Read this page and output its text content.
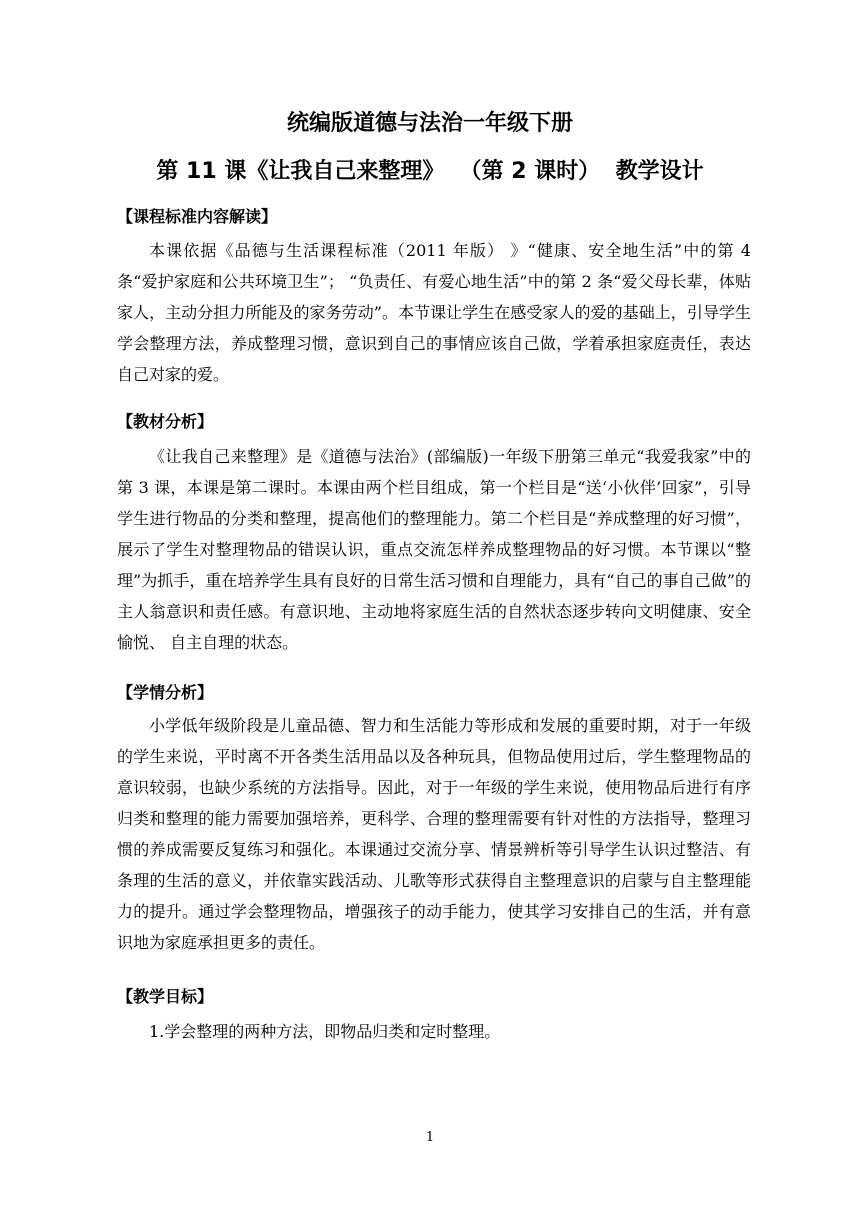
统编版道德与法治一年级下册
第 11 课《让我自己来整理》  （第 2 课时）  教学设计
【课程标准内容解读】

本课依据《品德与生活课程标准（2011 年版） 》“健康、安全地生活”中的第 4 条“爱护家庭和公共环境卫生”； “负责任、有爱心地生活”中的第 2 条“爱父母长辈，体贴家人，主动分担力所能及的家务劳动”。本节课让学生在感受家人的爱的基础上，引导学生学会整理方法，养成整理习惯，意识到自己的事情应该自己做，学着承担家庭责任，表达自己对家的爱。

【教材分析】

《让我自己来整理》是《道德与法治》(部编版)一年级下册第三单元“我爱我家”中的第 3 课，本课是第二课时。本课由两个栏目组成，第一个栏目是“送‘小伙伴’回家”，引导学生进行物品的分类和整理，提高他们的整理能力。第二个栏目是“养成整理的好习惯”，展示了学生对整理物品的错误认识，重点交流怎样养成整理物品的好习惯。本节课以“整理”为抓手，重在培养学生具有良好的日常生活习惯和自理能力，具有“自己的事自己做”的主人翁意识和责任感。有意识地、主动地将家庭生活的自然状态逐步转向文明健康、安全愉悦、 自主自理的状态。

【学情分析】

小学低年级阶段是儿童品德、智力和生活能力等形成和发展的重要时期，对于一年级的学生来说，平时离不开各类生活用品以及各种玩具，但物品使用过后，学生整理物品的意识较弱，也缺少系统的方法指导。因此，对于一年级的学生来说，使用物品后进行有序归类和整理的能力需要加强培养，更科学、合理的整理需要有针对性的方法指导，整理习惯的养成需要反复练习和强化。本课通过交流分享、情景辨析等引导学生认识过整洁、有条理的生活的意义，并依靠实践活动、儿歌等形式获得自主整理意识的启蒙与自主整理能力的提升。通过学会整理物品，增强孩子的动手能力，使其学习安排自己的生活，并有意识地为家庭承担更多的责任。

【教学目标】
1.学会整理的两种方法，即物品归类和定时整理。
1
